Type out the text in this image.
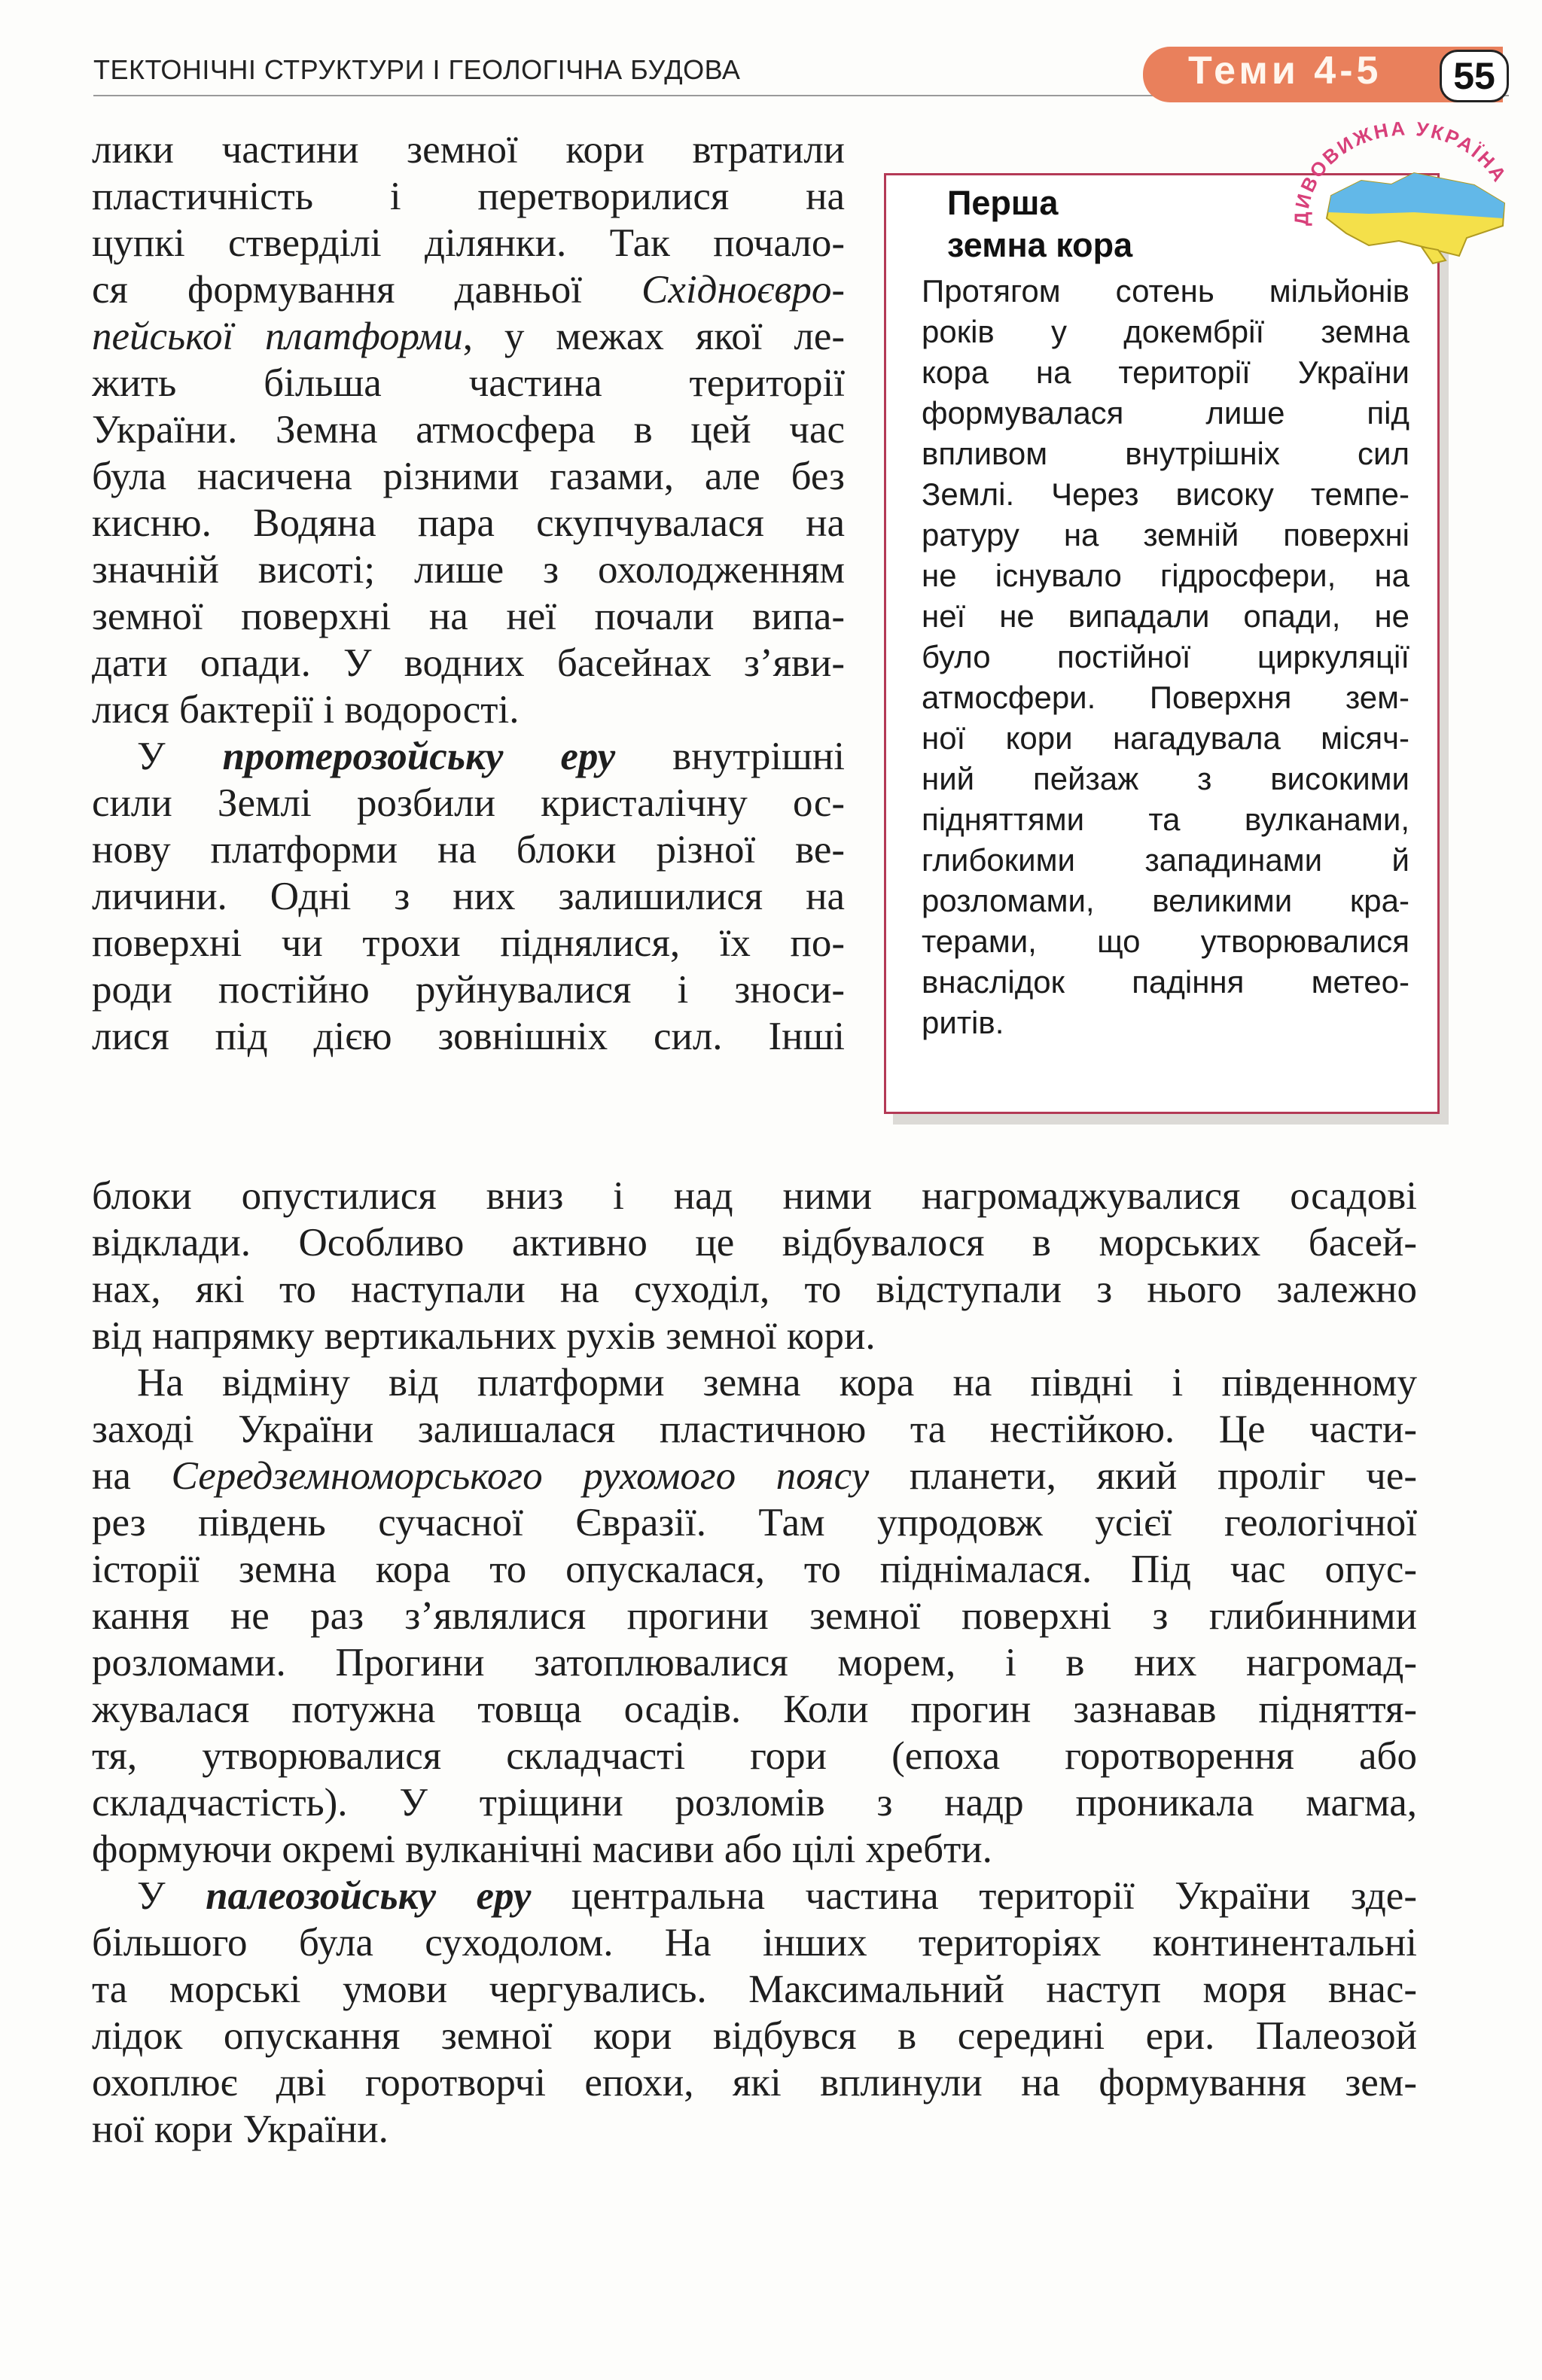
ТЕКТОНІЧНІ СТРУКТУРИ І ГЕОЛОГІЧНА БУДОВА	Теми 4-5	55
Перша
земна кора
Протягом сотень мільйонів
років у докембрії земна
кора на території України
формувалася лише під
впливом внутрішніх сил
Землі. Через високу темпе-
ратуру на земній поверхні
не існувало гідросфери, на
неї не випадали опади, не
було постійної циркуляції
атмосфери. Поверхня зем-
ної кори нагадувала місяч-
ний пейзаж з високими
підняттями та вулканами,
глибокими западинами й
розломами, великими кра-
терами, що утворювалися
внаслідок падіння метео-
ритів.
ДИВОВИЖНА УКРАЇНА
лики частини земної кори втратили
пластичність і перетворилися на
цупкі стверділі ділянки. Так почало-
ся формування давньої Східноєвро-
пейської платформи, у межах якої ле-
жить більша частина території
України. Земна атмосфера в цей час
була насичена різними газами, але без
кисню. Водяна пара скупчувалася на
значній висоті; лише з охолодженням
земної поверхні на неї почали випа-
дати опади. У водних басейнах з’яви-
лися бактерії і водорості.
У протерозойську еру внутрішні
сили Землі розбили кристалічну ос-
нову платформи на блоки різної ве-
личини. Одні з них залишилися на
поверхні чи трохи піднялися, їх по-
роди постійно руйнувалися і зноси-
лися під дією зовнішніх сил. Інші
блоки опустилися вниз і над ними нагромаджувалися осадові
відклади. Особливо активно це відбувалося в морських басей-
нах, які то наступали на суходіл, то відступали з нього залежно
від напрямку вертикальних рухів земної кори.
На відміну від платформи земна кора на півдні і південному
заході України залишалася пластичною та нестійкою. Це части-
на Середземноморського рухомого поясу планети, який проліг че-
рез південь сучасної Євразії. Там упродовж усієї геологічної
історії земна кора то опускалася, то піднімалася. Під час опус-
кання не раз з’являлися прогини земної поверхні з глибинними
розломами. Прогини затоплювалися морем, і в них нагромад-
жувалася потужна товща осадів. Коли прогин зазнавав підняття-
тя, утворювалися складчасті гори (епоха горотворення або
складчастість). У тріщини розломів з надр проникала магма,
формуючи окремі вулканічні масиви або цілі хребти.
У палеозойську еру центральна частина території України зде-
більшого була суходолом. На інших територіях континентальні
та морські умови чергувались. Максимальний наступ моря внас-
лідок опускання земної кори відбувся в середині ери. Палеозой
охоплює дві горотворчі епохи, які вплинули на формування зем-
ної кори України.
